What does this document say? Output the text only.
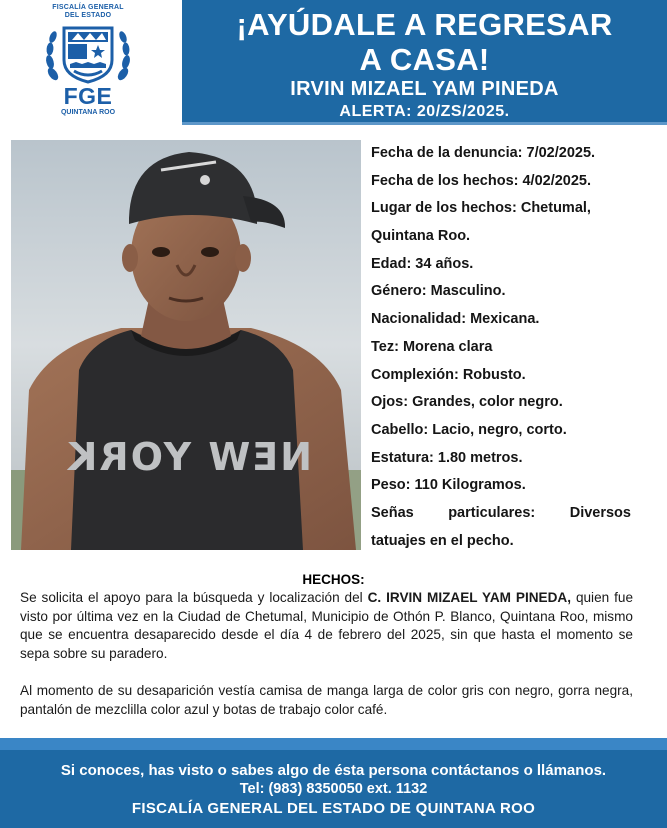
FISCALÍA GENERAL
DEL ESTADO
FGE
QUINTANA ROO
¡AYÚDALE A REGRESAR
A CASA!
IRVIN MIZAEL YAM PINEDA
ALERTA: 20/ZS/2025.
NEW YORK
Fecha de la denuncia: 7/02/2025.
Fecha de los hechos: 4/02/2025.
Lugar de los hechos: Chetumal,
Quintana Roo.
Edad: 34 años.
Género: Masculino.
Nacionalidad: Mexicana.
Tez: Morena clara
Complexión: Robusto.
Ojos: Grandes, color negro.
Cabello: Lacio, negro, corto.
Estatura: 1.80 metros.
Peso: 110 Kilogramos.
Señas particulares: Diversos
tatuajes en el pecho.
HECHOS:
Se solicita el apoyo para la búsqueda y localización del C. IRVIN MIZAEL YAM PINEDA, quien fue visto por última vez en la Ciudad de Chetumal, Municipio de Othón P. Blanco, Quintana Roo, mismo que se encuentra desaparecido desde el día 4 de febrero del 2025, sin que hasta el momento se sepa sobre su paradero.
Al momento de su desaparición vestía camisa de manga larga de color gris con negro, gorra negra, pantalón de mezclilla color azul y botas de trabajo color café.
Si conoces, has visto o sabes algo de ésta persona contáctanos o llámanos.
Tel: (983) 8350050 ext. 1132
FISCALÍA GENERAL DEL ESTADO DE QUINTANA ROO
